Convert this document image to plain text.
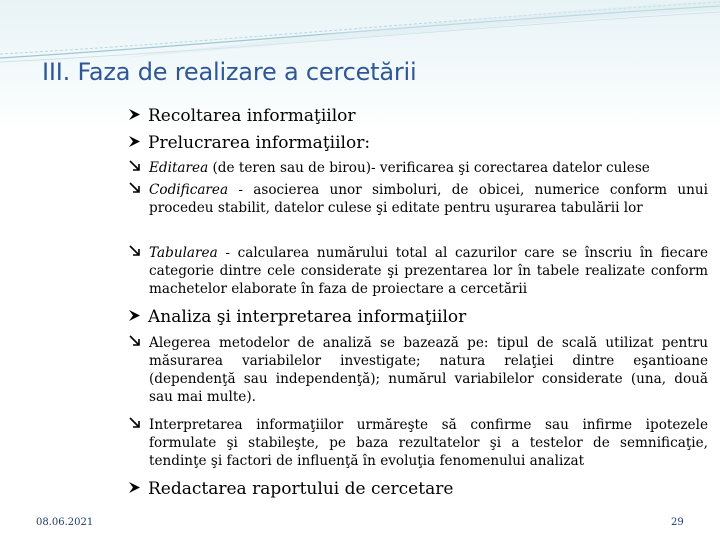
III. Faza de realizare a cercetării
Recoltarea informaţiilor
Prelucrarea informaţiilor:
Editarea (de teren sau de birou)- verificarea şi corectarea datelor culese
Codificarea - asocierea unor simboluri, de obicei, numerice conform unui procedeu stabilit, datelor culese şi editate pentru uşurarea tabulării lor
Tabularea - calcularea numărului total al cazurilor care se înscriu în fiecare categorie dintre cele considerate şi prezentarea lor în tabele realizate conform machetelor elaborate în faza de proiectare a cercetării
Analiza şi interpretarea informaţiilor
Alegerea metodelor de analiză se bazează pe: tipul de scală utilizat pentru măsurarea variabilelor investigate; natura relaţiei dintre eşantioane (dependenţă sau independenţă); numărul variabilelor considerate (una, două sau mai multe).
Interpretarea informaţiilor urmăreşte să confirme sau infirme ipotezele formulate şi stabileşte, pe baza rezultatelor şi a testelor de semnificaţie, tendinţe şi factori de influenţă în evoluţia fenomenului analizat
Redactarea raportului de cercetare
08.06.2021	29
